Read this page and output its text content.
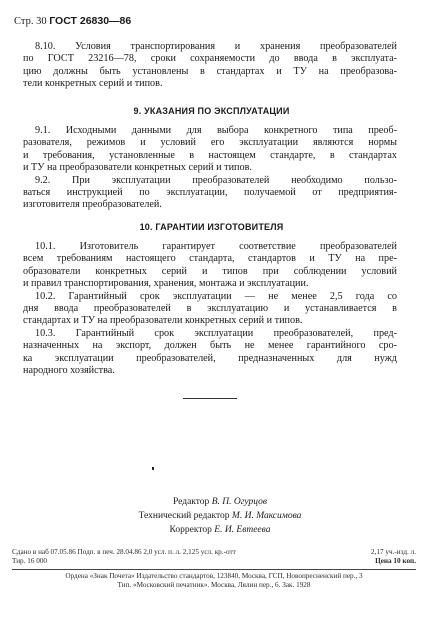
Стр. 30 ГОСТ 26830—86
8.10. Условия транспортирования и хранения преобразователей
по ГОСТ 23216—78, сроки сохраняемости до ввода в эксплуата-
цию должны быть установлены в стандартах и ТУ на преобразова-
тели конкретных серий и типов.
9. УКАЗАНИЯ ПО ЭКСПЛУАТАЦИИ
9.1. Исходными данными для выбора конкретного типа преоб-
разователя, режимов и условий его эксплуатации являются нормы
и требования, установленные в настоящем стандарте, в стандартах
и ТУ на преобразователи конкретных серий и типов.
9.2. При эксплуатации преобразователей необходимо пользо-
ваться инструкцией по эксплуатации, получаемой от предприятия-
изготовителя преобразователей.
10. ГАРАНТИИ ИЗГОТОВИТЕЛЯ
10.1. Изготовитель гарантирует соответствие преобразователей
всем требованиям настоящего стандарта, стандартов и ТУ на пре-
образователи конкретных серий и типов при соблюдении условий
и правил транспортирования, хранения, монтажа и эксплуатации.
10.2. Гарантийный срок эксплуатации — не менее 2,5 года со
дня ввода преобразователей в эксплуатацию и устанавливается в
стандартах и ТУ на преобразователи конкретных серий и типов.
10.3. Гарантийный срок эксплуатации преобразователей, пред-
назначенных на экспорт, должен быть не менее гарантийного сро-
ка эксплуатации преобразователей, предназначенных для нужд
народного хозяйства.
Редактор В. П. Огурцов
Технический редактор М. И. Максимова
Корректор Е. И. Евтеева
Сдано в наб 07.05.86 Подп. в печ. 28.04.86 2,0 усл. п. л. 2,125 усл. кр.-отт	2,17 уч.-изд. л.
Тир. 16 000	Цена 10 коп.
Ордена «Знак Почета» Издательство стандартов, 123840, Москва, ГСП, Новопресненский пер., 3
Тип. «Московский печатник». Москва, Лялин пер., 6. Зак. 1928
